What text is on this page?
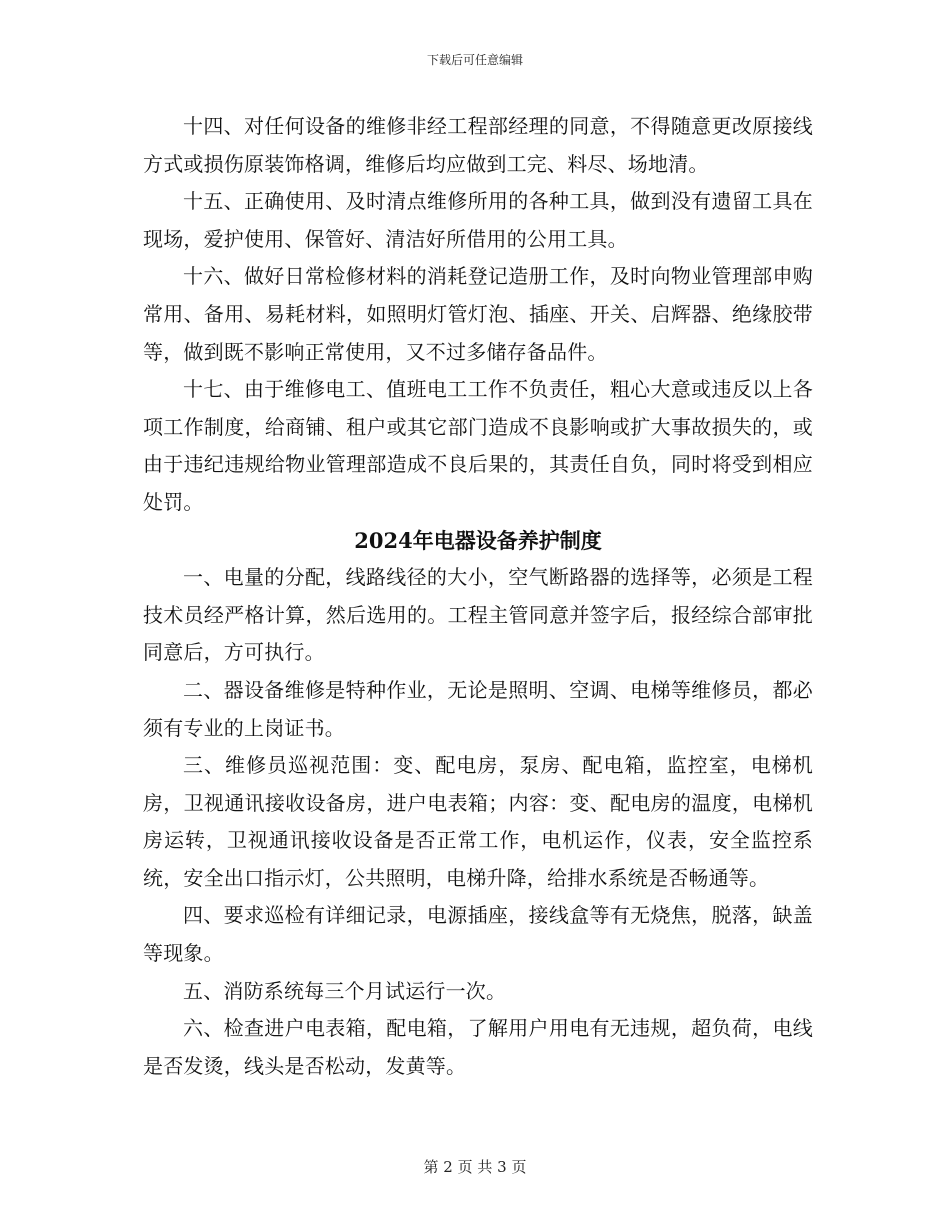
下载后可任意编辑

十四、对任何设备的维修非经工程部经理的同意，不得随意更改原接线方式或损伤原装饰格调，维修后均应做到工完、料尽、场地清。

十五、正确使用、及时清点维修所用的各种工具，做到没有遗留工具在现场，爱护使用、保管好、清洁好所借用的公用工具。

十六、做好日常检修材料的消耗登记造册工作，及时向物业管理部申购常用、备用、易耗材料，如照明灯管灯泡、插座、开关、启辉器、绝缘胶带等，做到既不影响正常使用，又不过多储存备品件。

十七、由于维修电工、值班电工工作不负责任，粗心大意或违反以上各项工作制度，给商铺、租户或其它部门造成不良影响或扩大事故损失的，或由于违纪违规给物业管理部造成不良后果的，其责任自负，同时将受到相应处罚。

2024年电器设备养护制度

一、电量的分配，线路线径的大小，空气断路器的选择等，必须是工程技术员经严格计算，然后选用的。工程主管同意并签字后，报经综合部审批同意后，方可执行。

二、器设备维修是特种作业，无论是照明、空调、电梯等维修员，都必须有专业的上岗证书。

三、维修员巡视范围：变、配电房，泵房、配电箱，监控室，电梯机房，卫视通讯接收设备房，进户电表箱；内容：变、配电房的温度，电梯机房运转，卫视通讯接收设备是否正常工作，电机运作，仪表，安全监控系统，安全出口指示灯，公共照明，电梯升降，给排水系统是否畅通等。

四、要求巡检有详细记录，电源插座，接线盒等有无烧焦，脱落，缺盖等现象。

五、消防系统每三个月试运行一次。

六、检查进户电表箱，配电箱，了解用户用电有无违规，超负荷，电线是否发烫，线头是否松动，发黄等。

第 2 页 共 3 页
